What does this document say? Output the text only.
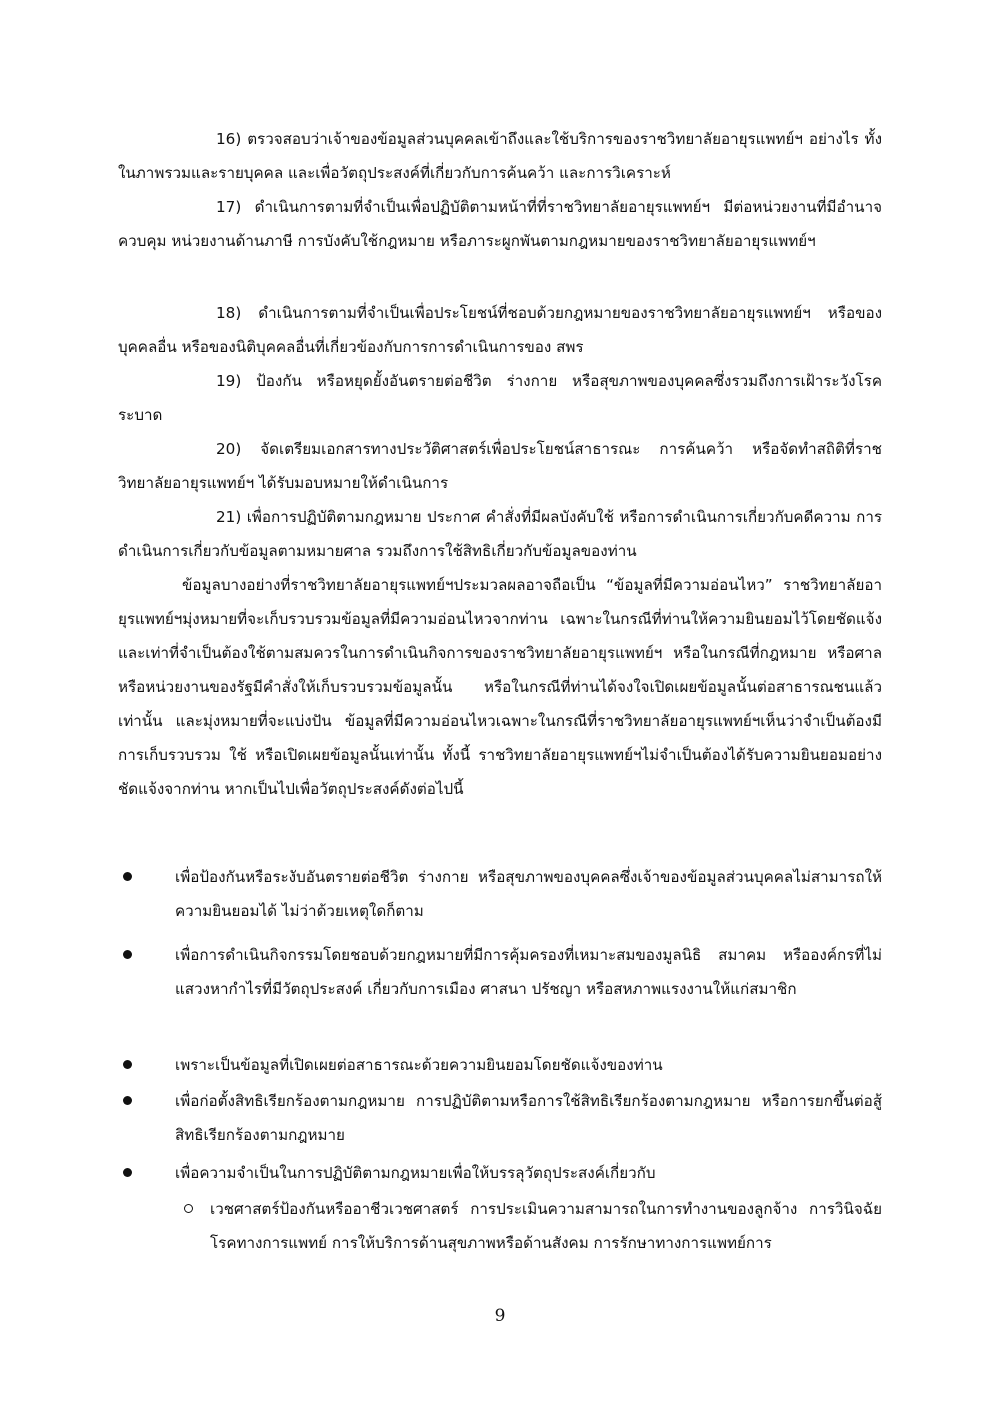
16) ตรวจสอบว่าเจ้าของข้อมูลส่วนบุคคลเข้าถึงและใช้บริการของราชวิทยาลัยอายุรแพทย์ฯ อย่างไร ทั้งในภาพรวมและรายบุคคล และเพื่อวัตถุประสงค์ที่เกี่ยวกับการค้นคว้า และการวิเคราะห์

17) ดำเนินการตามที่จำเป็นเพื่อปฏิบัติตามหน้าที่ที่ราชวิทยาลัยอายุรแพทย์ฯ มีต่อหน่วยงานที่มีอำนาจควบคุม หน่วยงานด้านภาษี การบังคับใช้กฎหมาย หรือภาระผูกพันตามกฎหมายของราชวิทยาลัยอายุรแพทย์ฯ

18) ดำเนินการตามที่จำเป็นเพื่อประโยชน์ที่ชอบด้วยกฎหมายของราชวิทยาลัยอายุรแพทย์ฯ หรือของบุคคลอื่น หรือของนิติบุคคลอื่นที่เกี่ยวข้องกับการการดำเนินการของ สพร

19) ป้องกัน หรือหยุดยั้งอันตรายต่อชีวิต ร่างกาย หรือสุขภาพของบุคคลซึ่งรวมถึงการเฝ้าระวังโรคระบาด

20) จัดเตรียมเอกสารทางประวัติศาสตร์เพื่อประโยชน์สาธารณะ การค้นคว้า หรือจัดทำสถิติที่ราชวิทยาลัยอายุรแพทย์ฯ ได้รับมอบหมายให้ดำเนินการ

21) เพื่อการปฏิบัติตามกฎหมาย ประกาศ คำสั่งที่มีผลบังคับใช้ หรือการดำเนินการเกี่ยวกับคดีความ การดำเนินการเกี่ยวกับข้อมูลตามหมายศาล รวมถึงการใช้สิทธิเกี่ยวกับข้อมูลของท่าน

ข้อมูลบางอย่างที่ราชวิทยาลัยอายุรแพทย์ฯประมวลผลอาจถือเป็น “ข้อมูลที่มีความอ่อนไหว” ราชวิทยาลัยอายุรแพทย์ฯมุ่งหมายที่จะเก็บรวบรวมข้อมูลที่มีความอ่อนไหวจากท่าน เฉพาะในกรณีที่ท่านให้ความยินยอมไว้โดยชัดแจ้งและเท่าที่จำเป็นต้องใช้ตามสมควรในการดำเนินกิจการของราชวิทยาลัยอายุรแพทย์ฯ หรือในกรณีที่กฎหมาย หรือศาล หรือหน่วยงานของรัฐมีคำสั่งให้เก็บรวบรวมข้อมูลนั้น หรือในกรณีที่ท่านได้จงใจเปิดเผยข้อมูลนั้นต่อสาธารณชนแล้วเท่านั้น และมุ่งหมายที่จะแบ่งปัน ข้อมูลที่มีความอ่อนไหวเฉพาะในกรณีที่ราชวิทยาลัยอายุรแพทย์ฯเห็นว่าจำเป็นต้องมีการเก็บรวบรวม ใช้ หรือเปิดเผยข้อมูลนั้นเท่านั้น ทั้งนี้ ราชวิทยาลัยอายุรแพทย์ฯไม่จำเป็นต้องได้รับความยินยอมอย่างชัดแจ้งจากท่าน หากเป็นไปเพื่อวัตถุประสงค์ดังต่อไปนี้

เพื่อป้องกันหรือระงับอันตรายต่อชีวิต ร่างกาย หรือสุขภาพของบุคคลซึ่งเจ้าของข้อมูลส่วนบุคคลไม่สามารถให้ความยินยอมได้ ไม่ว่าด้วยเหตุใดก็ตาม
เพื่อการดำเนินกิจกรรมโดยชอบด้วยกฎหมายที่มีการคุ้มครองที่เหมาะสมของมูลนิธิ สมาคม หรือองค์กรที่ไม่แสวงหากำไรที่มีวัตถุประสงค์ เกี่ยวกับการเมือง ศาสนา ปรัชญา หรือสหภาพแรงงานให้แก่สมาชิก
เพราะเป็นข้อมูลที่เปิดเผยต่อสาธารณะด้วยความยินยอมโดยชัดแจ้งของท่าน
เพื่อก่อตั้งสิทธิเรียกร้องตามกฎหมาย การปฏิบัติตามหรือการใช้สิทธิเรียกร้องตามกฎหมาย หรือการยกขึ้นต่อสู้สิทธิเรียกร้องตามกฎหมาย
เพื่อความจำเป็นในการปฏิบัติตามกฎหมายเพื่อให้บรรลุวัตถุประสงค์เกี่ยวกับ
เวชศาสตร์ป้องกันหรืออาชีวเวชศาสตร์ การประเมินความสามารถในการทำงานของลูกจ้าง การวินิจฉัยโรคทางการแพทย์ การให้บริการด้านสุขภาพหรือด้านสังคม การรักษาทางการแพทย์การ
9
